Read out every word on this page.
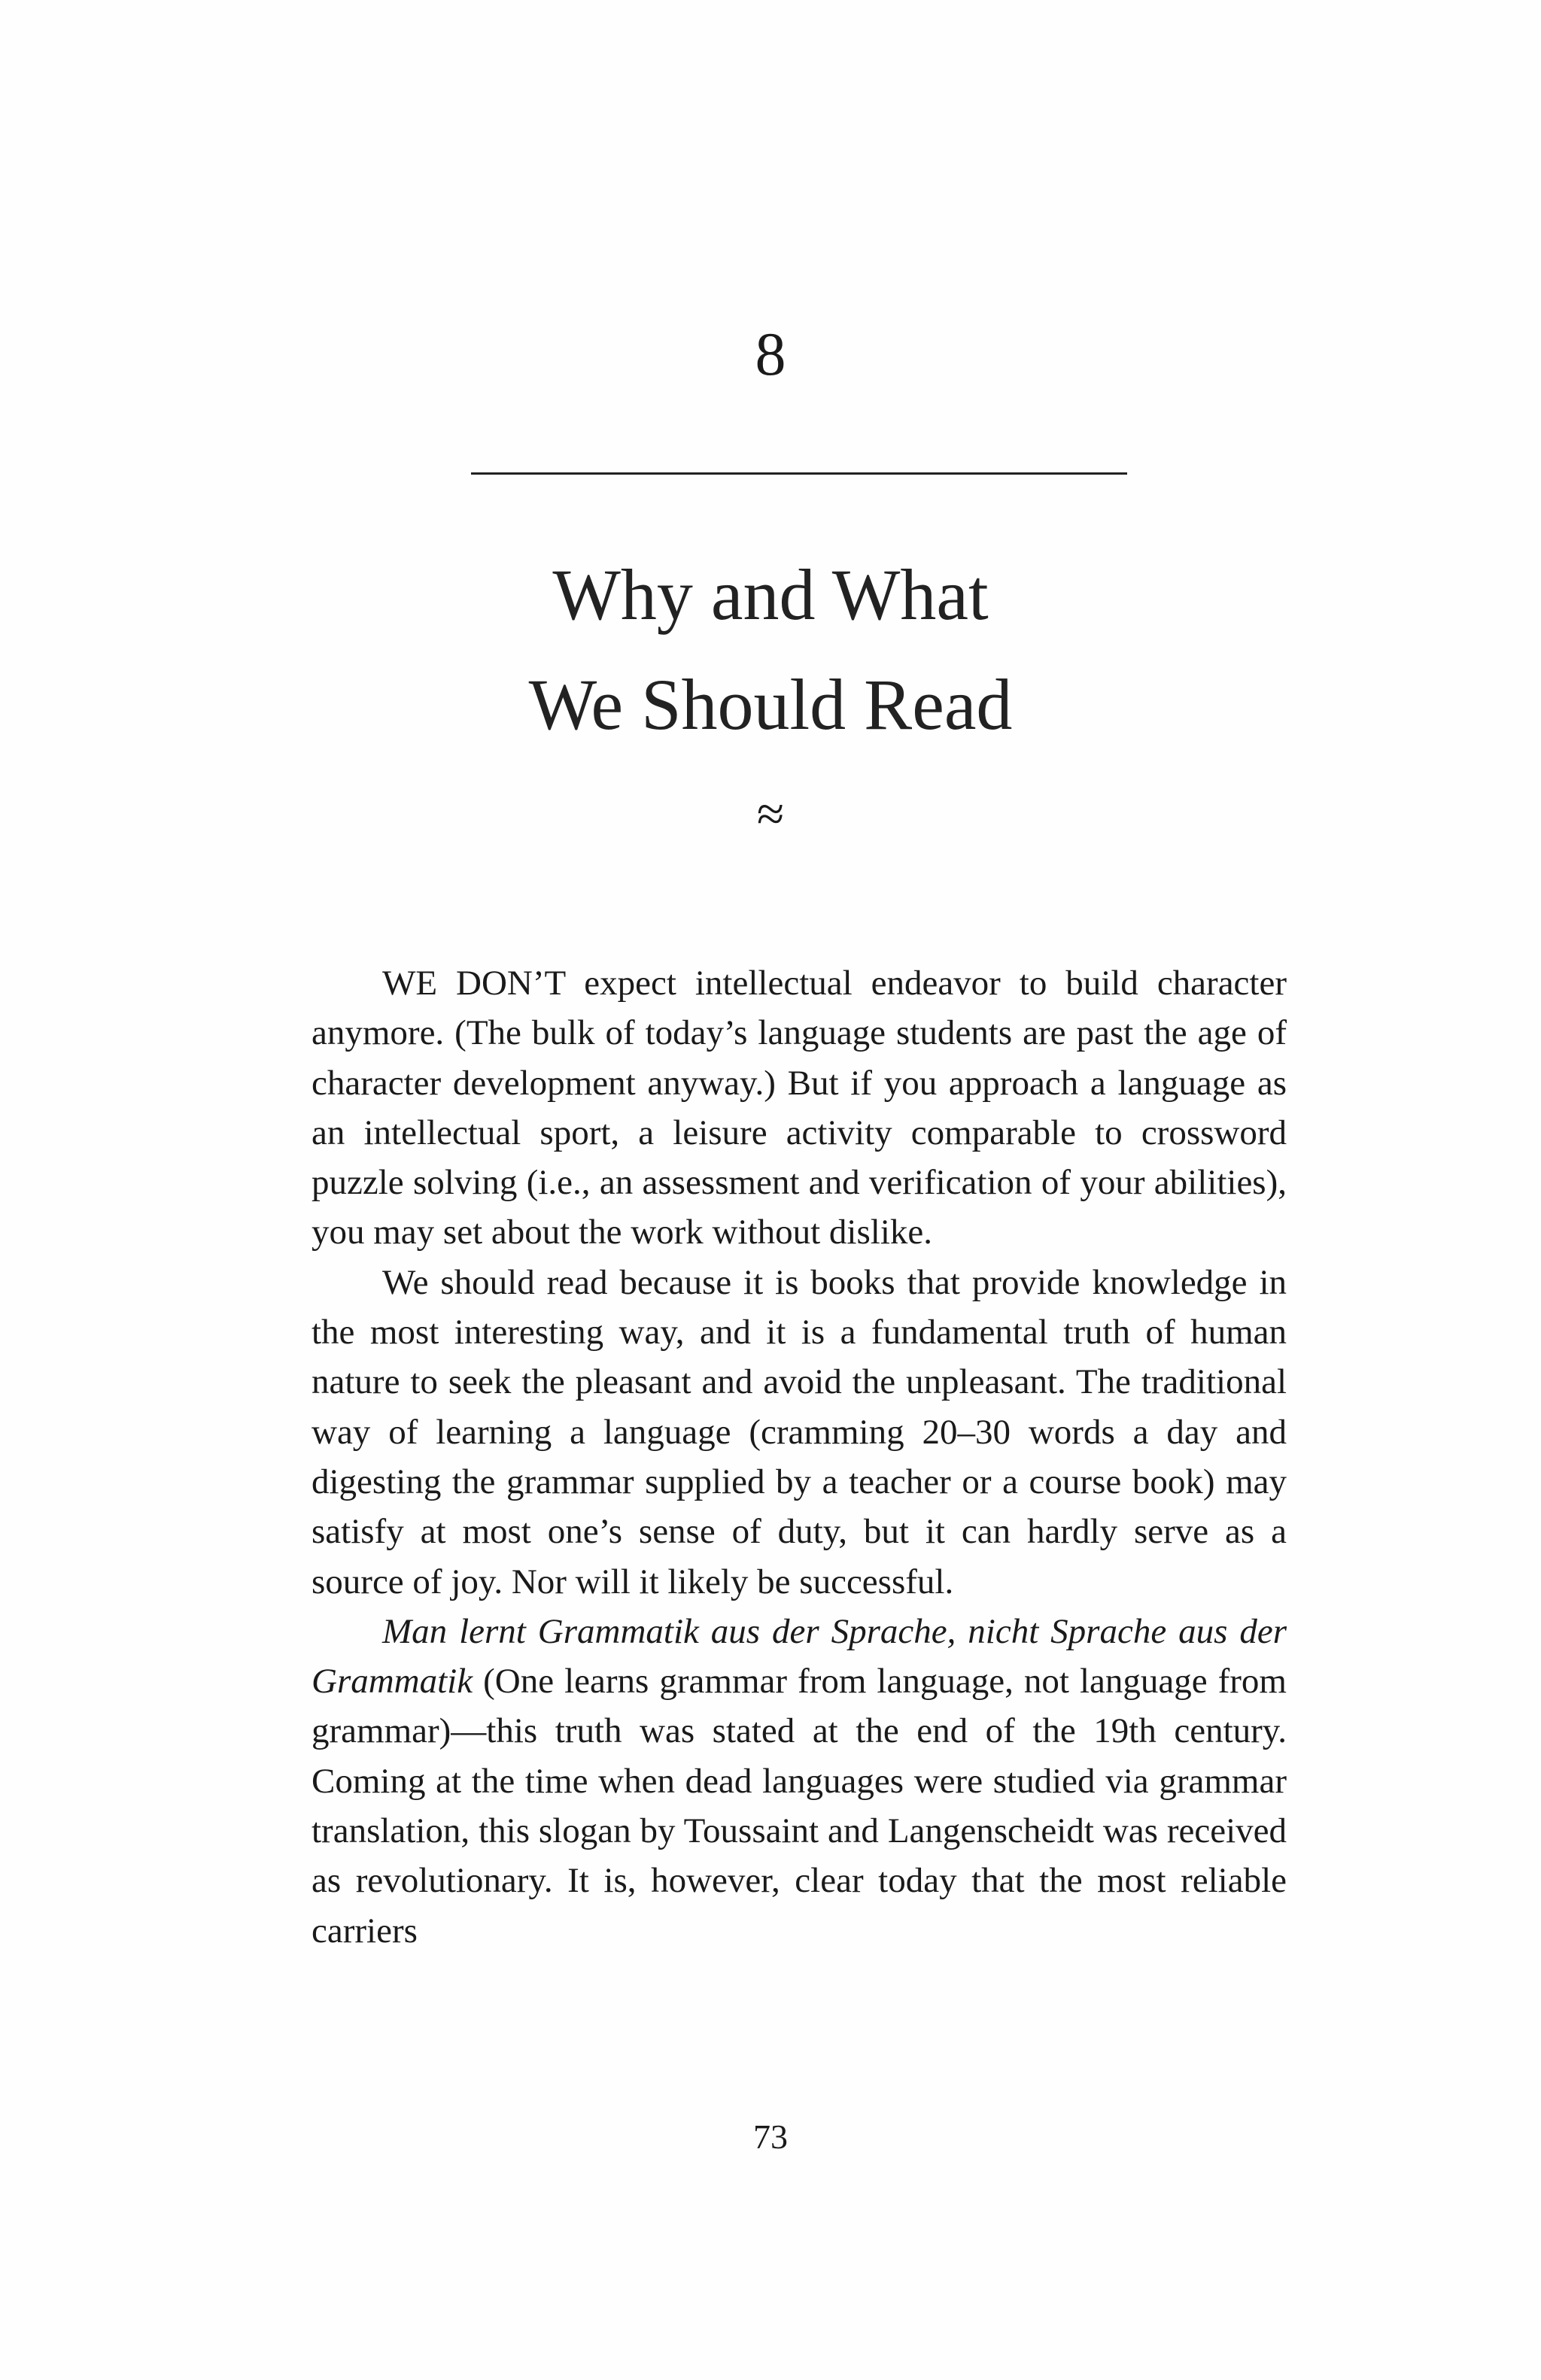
8
Why and What
We Should Read
≈

WE DON’T expect intellectual endeavor to build character anymore. (The bulk of today’s language students are past the age of character development anyway.) But if you approach a language as an intellectual sport, a leisure activity comparable to crossword puzzle solving (i.e., an assessment and verification of your abilities), you may set about the work without dislike.

We should read because it is books that provide knowledge in the most interesting way, and it is a fundamental truth of human nature to seek the pleasant and avoid the unpleasant. The traditional way of learning a language (cramming 20–30 words a day and digesting the grammar supplied by a teacher or a course book) may satisfy at most one’s sense of duty, but it can hardly serve as a source of joy. Nor will it likely be successful.

Man lernt Grammatik aus der Sprache, nicht Sprache aus der Grammatik (One learns grammar from language, not language from grammar)—this truth was stated at the end of the 19th century. Coming at the time when dead languages were studied via grammar translation, this slogan by Toussaint and Langenscheidt was received as revolutionary. It is, however, clear today that the most reliable carriers

73
